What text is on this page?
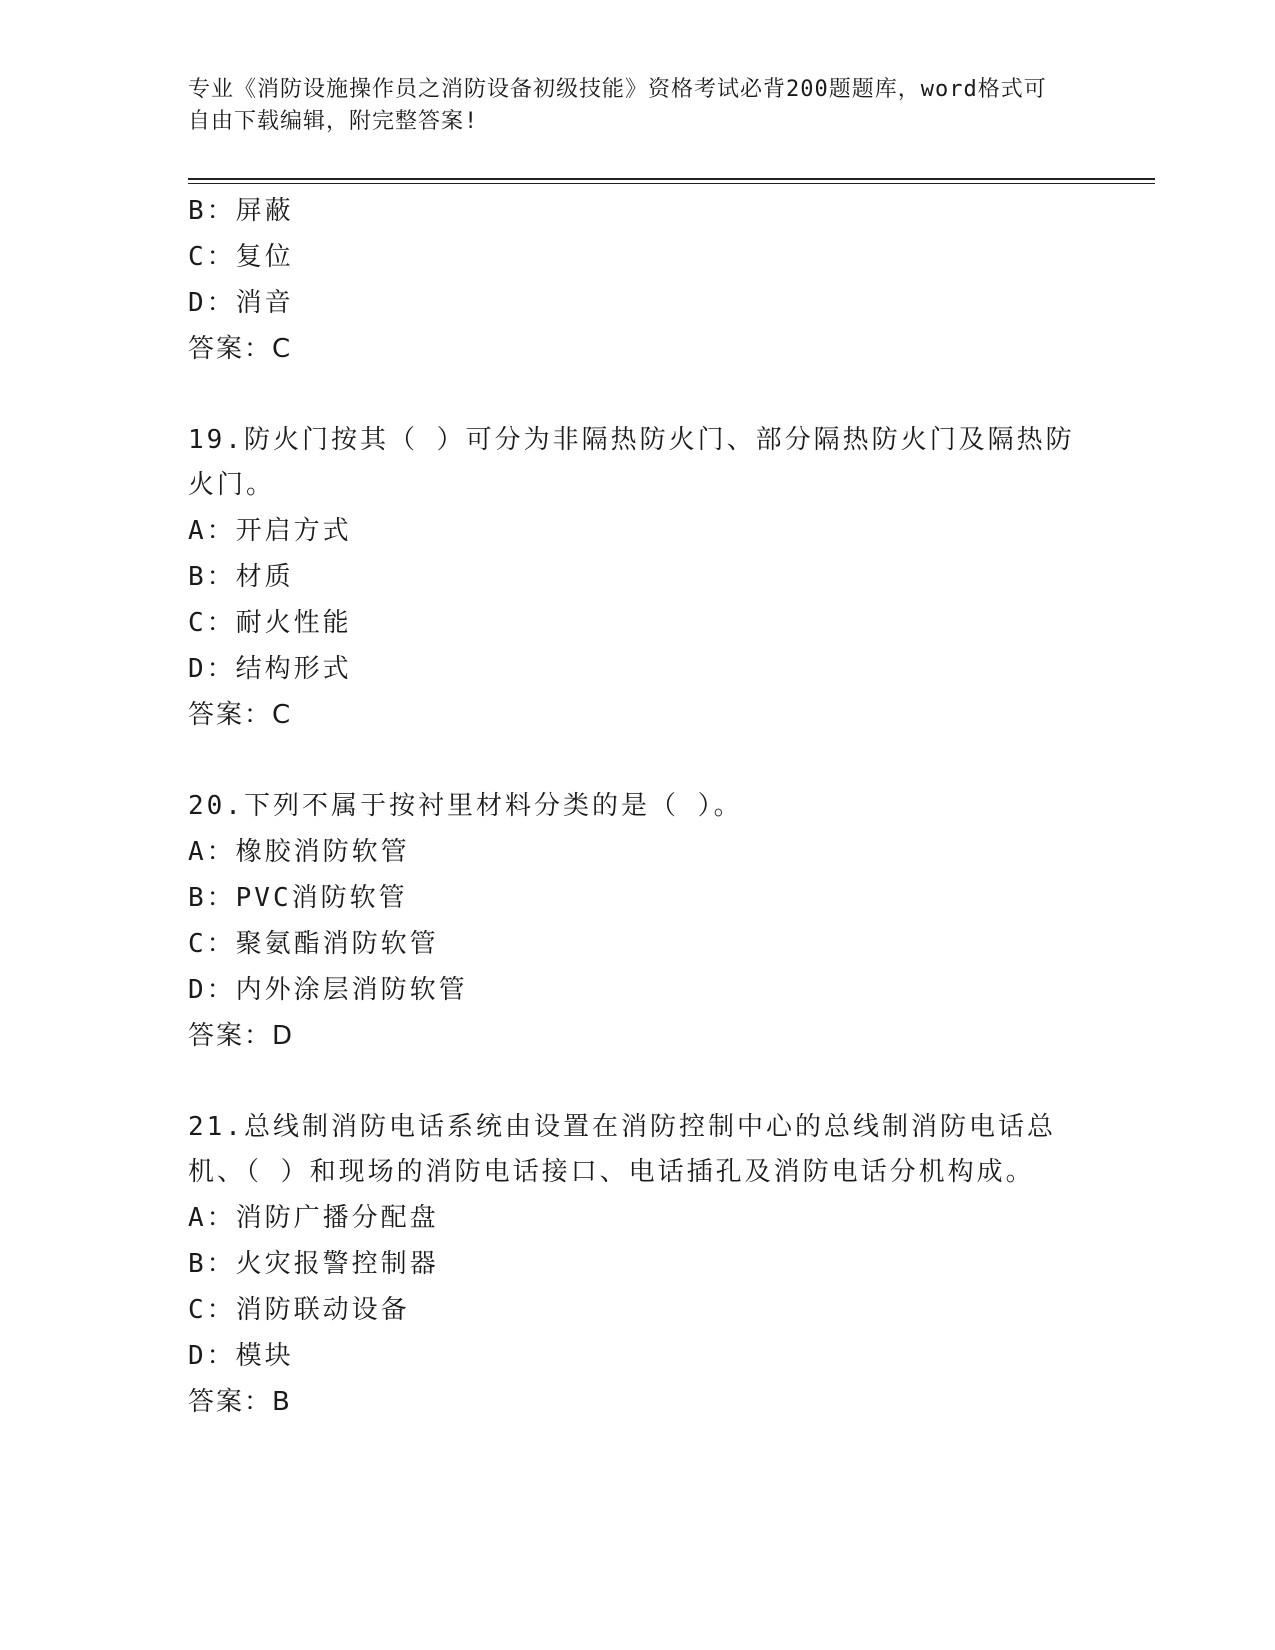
专业《消防设施操作员之消防设备初级技能》资格考试必背200题题库，word格式可自由下载编辑，附完整答案!
B：屏蔽
C：复位
D：消音
答案：C
19.防火门按其（ ）可分为非隔热防火门、部分隔热防火门及隔热防火门。
A：开启方式
B：材质
C：耐火性能
D：结构形式
答案：C
20.下列不属于按衬里材料分类的是（ ）。
A：橡胶消防软管
B：PVC消防软管
C：聚氨酯消防软管
D：内外涂层消防软管
答案：D
21.总线制消防电话系统由设置在消防控制中心的总线制消防电话总机、（ ）和现场的消防电话接口、电话插孔及消防电话分机构成。
A：消防广播分配盘
B：火灾报警控制器
C：消防联动设备
D：模块
答案：B
